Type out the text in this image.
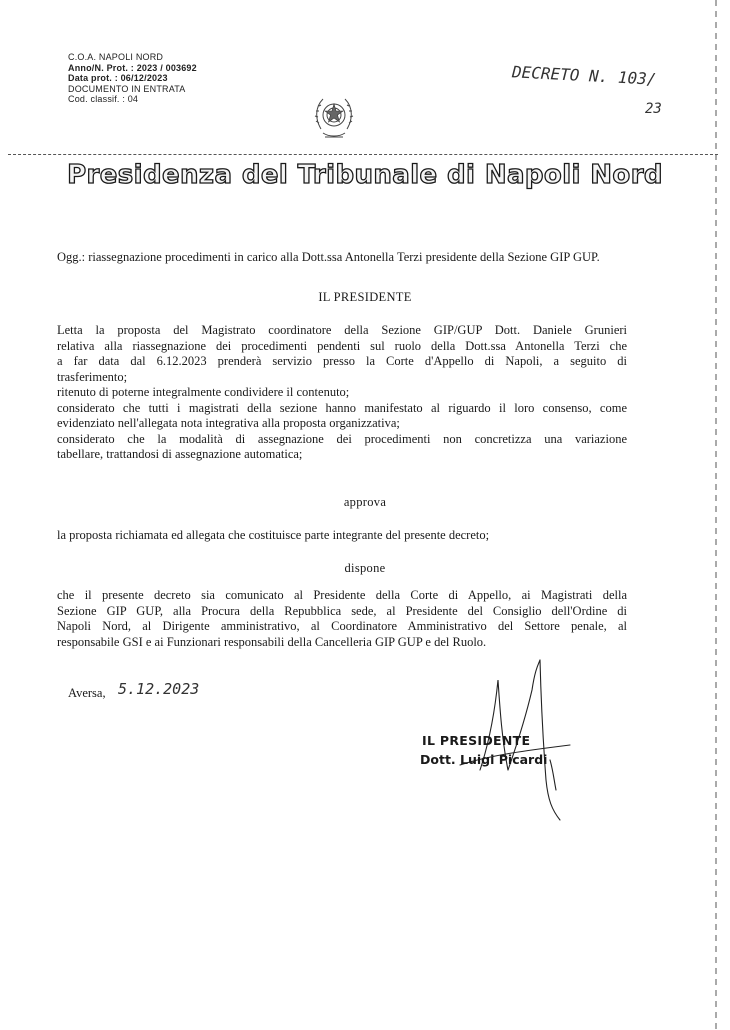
C.O.A. NAPOLI NORD
Anno/N. Prot. : 2023 / 003692
Data prot. : 06/12/2023
DOCUMENTO IN ENTRATA
Cod. classif. : 04
DECRETO N. 103/
23
Presidenza del Tribunale di Napoli Nord
Ogg.: riassegnazione procedimenti in carico alla Dott.ssa Antonella Terzi presidente della Sezione GIP GUP.
IL PRESIDENTE

Letta la proposta del Magistrato coordinatore della Sezione GIP/GUP Dott. Daniele Grunieri

relativa alla riassegnazione dei procedimenti pendenti sul ruolo della Dott.ssa Antonella Terzi che

a far data dal 6.12.2023 prenderà servizio presso la Corte d'Appello di Napoli, a seguito di

trasferimento;

ritenuto di poterne integralmente condividere il contenuto;

considerato che tutti i magistrati della sezione hanno manifestato al riguardo il loro consenso, come

evidenziato nell'allegata nota integrativa alla proposta organizzativa;

considerato che la modalità di assegnazione dei procedimenti non concretizza una variazione

tabellare, trattandosi di assegnazione automatica;

approva
la proposta richiamata ed allegata che costituisce parte integrante del presente decreto;
dispone

che il presente decreto sia comunicato al Presidente della Corte di Appello, ai Magistrati della

Sezione GIP GUP, alla Procura della Repubblica sede, al Presidente del Consiglio dell'Ordine di

Napoli Nord, al Dirigente amministrativo, al Coordinatore Amministrativo del Settore penale, al

responsabile GSI e ai Funzionari responsabili della Cancelleria GIP GUP e del Ruolo.

Aversa, 5.12.2023
IL PRESIDENTE
Dott. Luigi Picardi
